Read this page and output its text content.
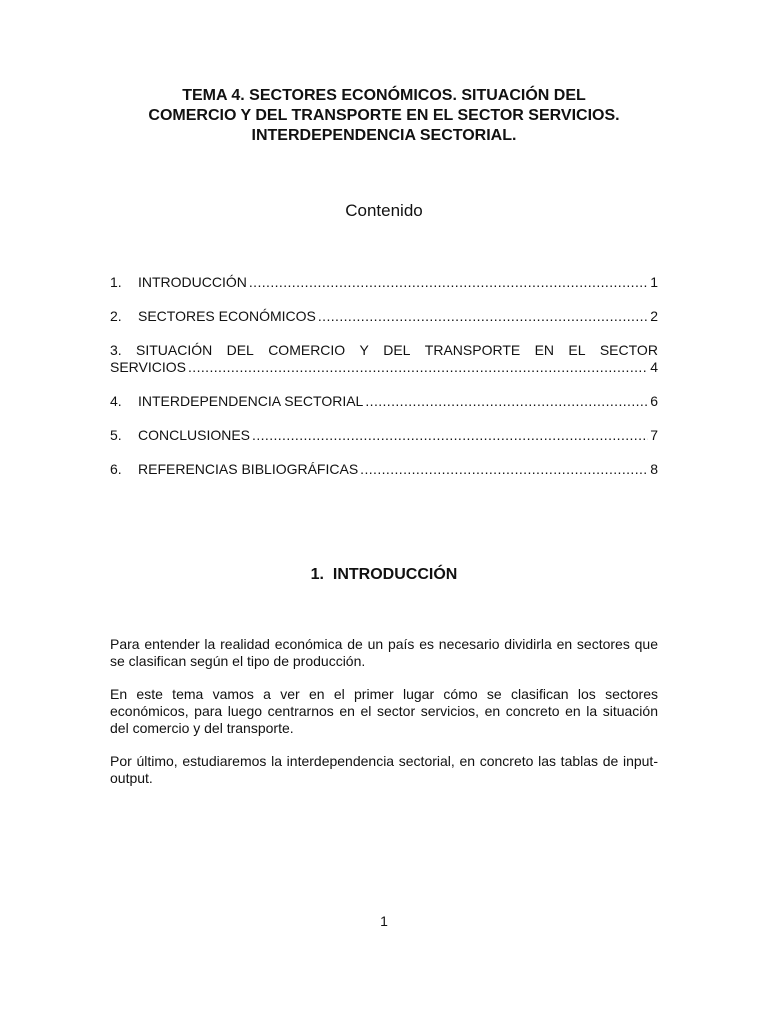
TEMA 4. SECTORES ECONÓMICOS. SITUACIÓN DEL
COMERCIO Y DEL TRANSPORTE EN EL SECTOR SERVICIOS.
INTERDEPENDENCIA SECTORIAL.
Contenido
1.	INTRODUCCIÓN .....	1
2.	SECTORES ECONÓMICOS .....	2
3. SITUACIÓN DEL COMERCIO Y DEL TRANSPORTE EN EL SECTOR
SERVICIOS .....	4
4.	INTERDEPENDENCIA SECTORIAL .....	6
5.	CONCLUSIONES .....	7
6.	REFERENCIAS BIBLIOGRÁFICAS .....	8
1.  INTRODUCCIÓN

Para entender la realidad económica de un país es necesario dividirla en sectores que se clasifican según el tipo de producción.

En este tema vamos a ver en el primer lugar cómo se clasifican los sectores económicos, para luego centrarnos en el sector servicios, en concreto en la situación del comercio y del transporte.

Por último, estudiaremos la interdependencia sectorial, en concreto las tablas de input-output.

1
